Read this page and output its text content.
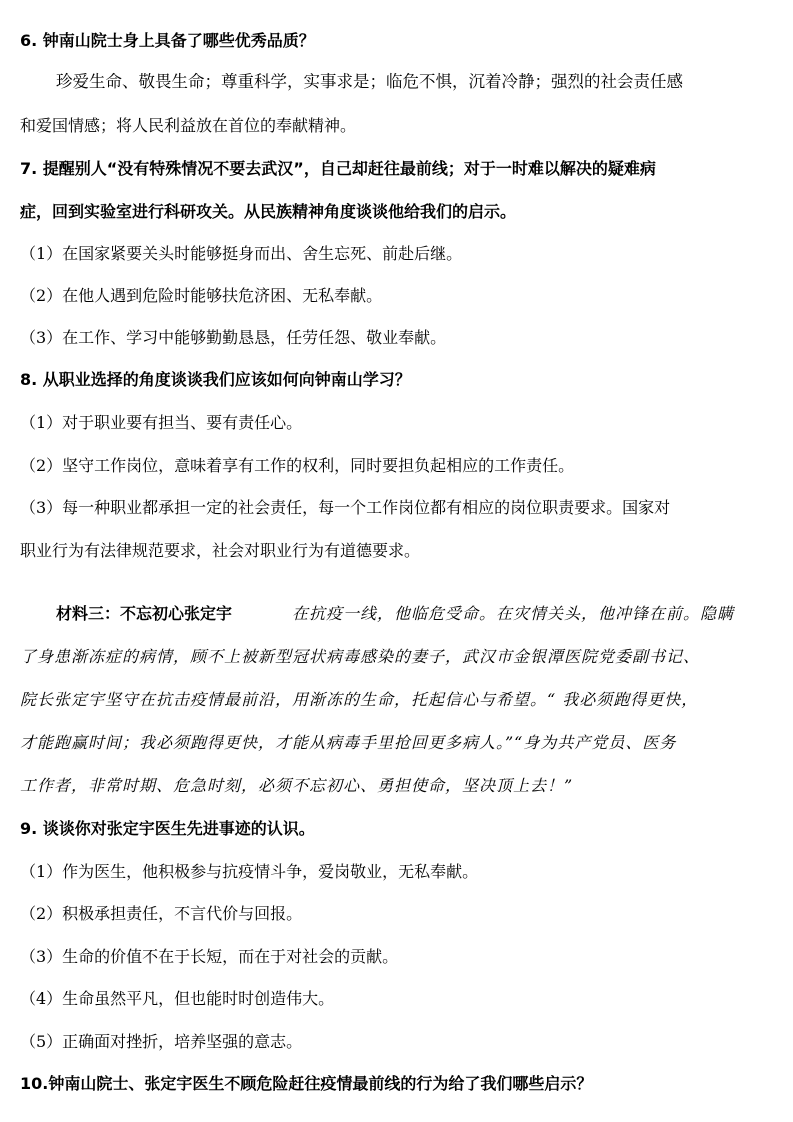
6. 钟南山院士身上具备了哪些优秀品质？
珍爱生命、敬畏生命；尊重科学，实事求是；临危不惧，沉着冷静；强烈的社会责任感
和爱国情感；将人民利益放在首位的奉献精神。
7. 提醒别人“没有特殊情况不要去武汉”，自己却赶往最前线；对于一时难以解决的疑难病
症，回到实验室进行科研攻关。从民族精神角度谈谈他给我们的启示。
（1）在国家紧要关头时能够挺身而出、舍生忘死、前赴后继。
（2）在他人遇到危险时能够扶危济困、无私奉献。
（3）在工作、学习中能够勤勤恳恳，任劳任怨、敬业奉献。
8. 从职业选择的角度谈谈我们应该如何向钟南山学习？
（1）对于职业要有担当、要有责任心。
（2）坚守工作岗位，意味着享有工作的权利，同时要担负起相应的工作责任。
（3）每一种职业都承担一定的社会责任，每一个工作岗位都有相应的岗位职责要求。国家对
职业行为有法律规范要求，社会对职业行为有道德要求。
材料三：不忘初心张定宇	在抗疫一线，他临危受命。在灾情关头，他冲锋在前。隐瞒
了身患渐冻症的病情，顾不上被新型冠状病毒感染的妻子，武汉市金银潭医院党委副书记、
院长张定宇坚守在抗击疫情最前沿，用渐冻的生命，托起信心与希望。“ 我必须跑得更快，
才能跑赢时间；我必须跑得更快，才能从病毒手里抢回更多病人。”“身为共产党员、医务
工作者，非常时期、危急时刻，必须不忘初心、勇担使命，坚决顶上去！”
9. 谈谈你对张定宇医生先进事迹的认识。
（1）作为医生，他积极参与抗疫情斗争，爱岗敬业，无私奉献。
（2）积极承担责任，不言代价与回报。
（3）生命的价值不在于长短，而在于对社会的贡献。
（4）生命虽然平凡，但也能时时创造伟大。
（5）正确面对挫折，培养坚强的意志。
10.钟南山院士、张定宇医生不顾危险赶往疫情最前线的行为给了我们哪些启示？
